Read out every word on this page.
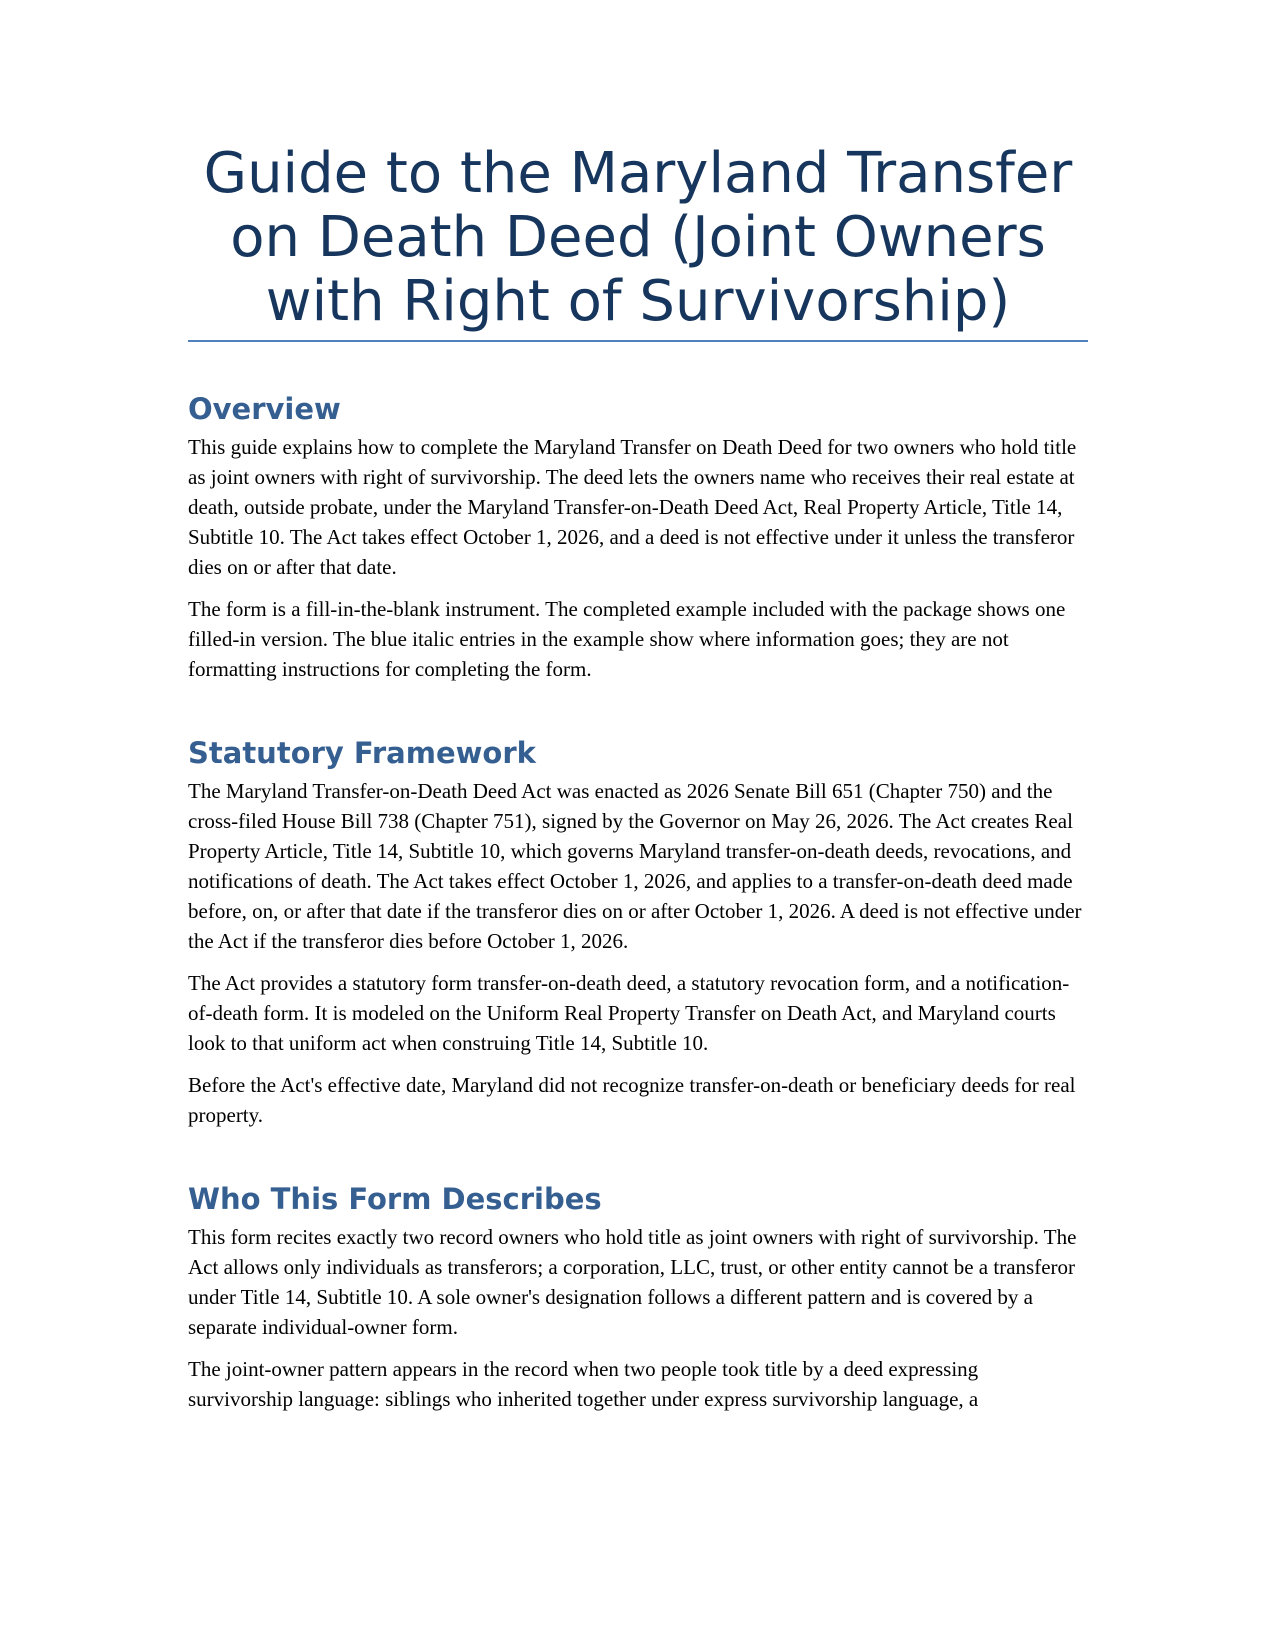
Guide to the Maryland Transfer on Death Deed (Joint Owners with Right of Survivorship)
Overview

This guide explains how to complete the Maryland Transfer on Death Deed for two owners who hold title as joint owners with right of survivorship. The deed lets the owners name who receives their real estate at death, outside probate, under the Maryland Transfer-on-Death Deed Act, Real Property Article, Title 14, Subtitle 10. The Act takes effect October 1, 2026, and a deed is not effective under it unless the transferor dies on or after that date.

The form is a fill-in-the-blank instrument. The completed example included with the package shows one filled-in version. The blue italic entries in the example show where information goes; they are not formatting instructions for completing the form.

Statutory Framework

The Maryland Transfer-on-Death Deed Act was enacted as 2026 Senate Bill 651 (Chapter 750) and the cross-filed House Bill 738 (Chapter 751), signed by the Governor on May 26, 2026. The Act creates Real Property Article, Title 14, Subtitle 10, which governs Maryland transfer-on-death deeds, revocations, and notifications of death. The Act takes effect October 1, 2026, and applies to a transfer-on-death deed made before, on, or after that date if the transferor dies on or after October 1, 2026. A deed is not effective under the Act if the transferor dies before October 1, 2026.

The Act provides a statutory form transfer-on-death deed, a statutory revocation form, and a notification-of-death form. It is modeled on the Uniform Real Property Transfer on Death Act, and Maryland courts look to that uniform act when construing Title 14, Subtitle 10.

Before the Act's effective date, Maryland did not recognize transfer-on-death or beneficiary deeds for real property.

Who This Form Describes

This form recites exactly two record owners who hold title as joint owners with right of survivorship. The Act allows only individuals as transferors; a corporation, LLC, trust, or other entity cannot be a transferor under Title 14, Subtitle 10. A sole owner's designation follows a different pattern and is covered by a separate individual-owner form.

The joint-owner pattern appears in the record when two people took title by a deed expressing survivorship language: siblings who inherited together under express survivorship language, a
